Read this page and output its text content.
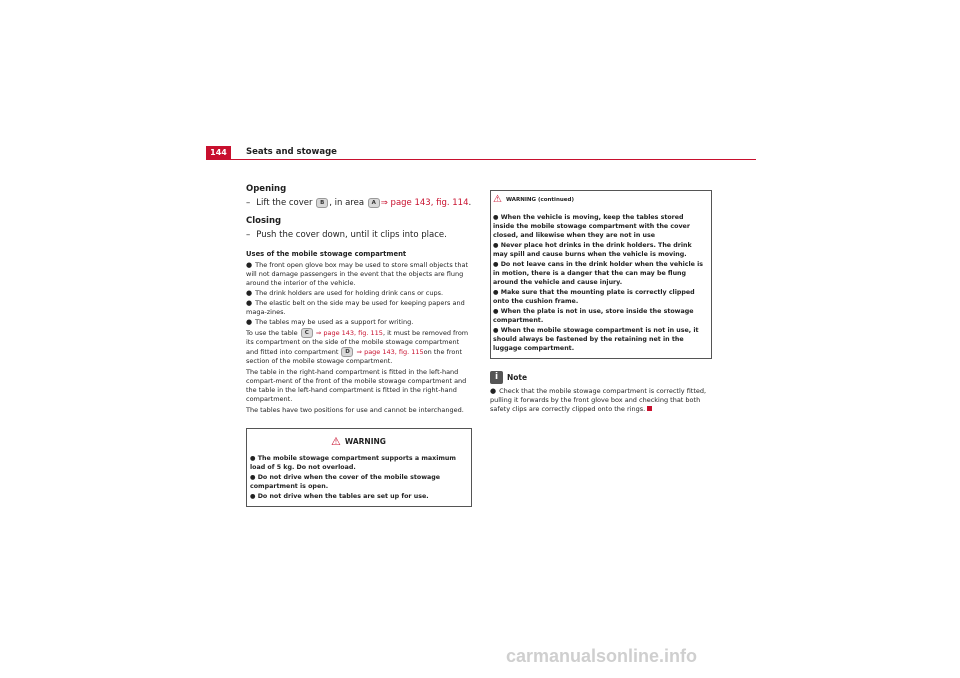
144	Seats and stowage
Opening
– Lift the cover B , in area A ⇒ page 143, fig. 114.
Closing
– Push the cover down, until it clips into place.
Uses of the mobile stowage compartment
● The front open glove box may be used to store small objects that will not damage passengers in the event that the objects are flung around the interior of the vehicle.
● The drink holders are used for holding drink cans or cups.
● The elastic belt on the side may be used for keeping papers and maga-zines.
● The tables may be used as a support for writing.
To use the table C ⇒ page 143, fig. 115, it must be removed from its compartment on the side of the mobile stowage compartment and fitted into compartment D ⇒ page 143, fig. 115on the front section of the mobile stowage compartment.
The table in the right-hand compartment is fitted in the left-hand compart-ment of the front of the mobile stowage compartment and the table in the left-hand compartment is fitted in the right-hand compartment.
The tables have two positions for use and cannot be interchanged.
⚠ WARNING
● The mobile stowage compartment supports a maximum load of 5 kg. Do not overload.
● Do not drive when the cover of the mobile stowage compartment is open.
● Do not drive when the tables are set up for use.
⚠ WARNING (continued)
● When the vehicle is moving, keep the tables stored inside the mobile stowage compartment with the cover closed, and likewise when they are not in use
● Never place hot drinks in the drink holders. The drink may spill and cause burns when the vehicle is moving.
● Do not leave cans in the drink holder when the vehicle is in motion, there is a danger that the can may be flung around the vehicle and cause injury.
● Make sure that the mounting plate is correctly clipped onto the cushion frame.
● When the plate is not in use, store inside the stowage compartment.
● When the mobile stowage compartment is not in use, it should always be fastened by the retaining net in the luggage compartment.
i	Note
● Check that the mobile stowage compartment is correctly fitted, pulling it forwards by the front glove box and checking that both safety clips are correctly clipped onto the rings.
carmanualsonline.info
